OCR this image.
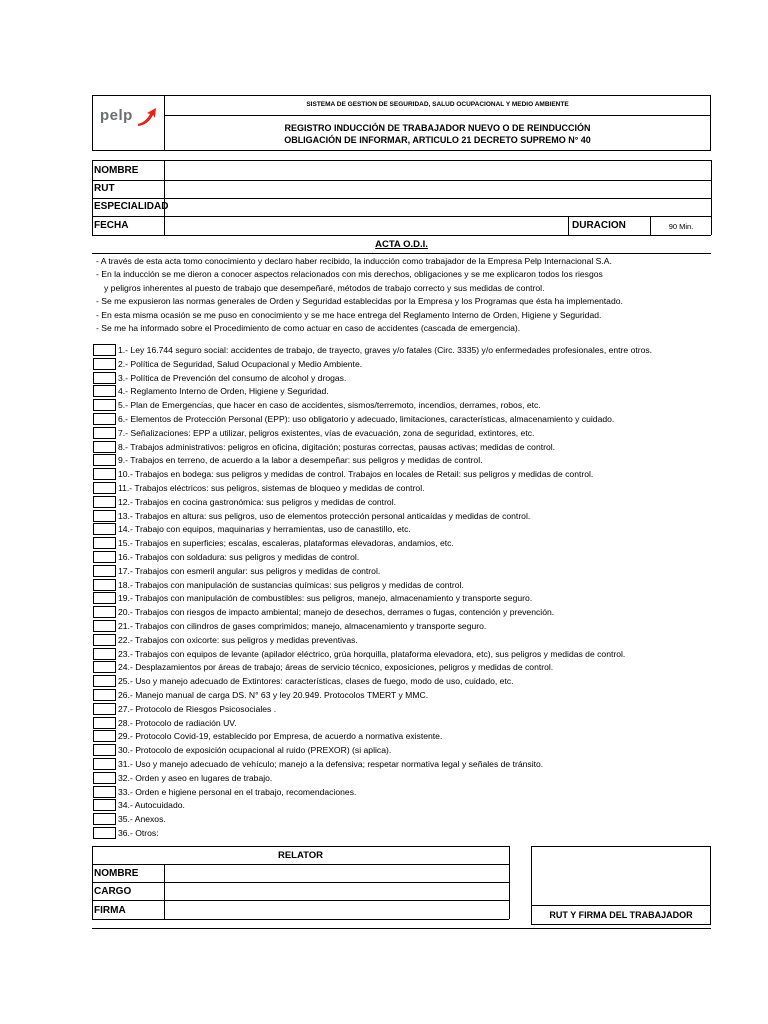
pelp
SISTEMA DE GESTION DE SEGURIDAD, SALUD OCUPACIONAL Y MEDIO AMBIENTE
REGISTRO INDUCCIÓN DE TRABAJADOR NUEVO O DE REINDUCCIÓN
OBLIGACIÓN DE INFORMAR, ARTICULO 21 DECRETO SUPREMO N° 40
NOMBRE
RUT
ESPECIALIDAD
FECHA	DURACION	90 Min.
ACTA O.D.I.
- A través de esta acta tomo conocimiento y declaro haber recibido, la inducción como trabajador de la Empresa Pelp Internacional S.A.
- En la inducción se me dieron a conocer aspectos relacionados con mis derechos, obligaciones y se me explicaron todos los riesgos
y peligros inherentes al puesto de trabajo que desempeñaré, métodos de trabajo correcto y sus medidas de control.
- Se me expusieron las normas generales de Orden y Seguridad establecidas por la Empresa y los Programas que ésta ha implementado.
- En esta misma ocasión se me puso en conocimiento y se me hace entrega del Reglamento Interno de Orden, Higiene y Seguridad.
- Se me ha informado sobre el Procedimiento de como actuar en caso de accidentes (cascada de emergencia).
1.- Ley 16.744 seguro social: accidentes de trabajo, de trayecto, graves y/o fatales (Circ. 3335) y/o enfermedades profesionales, entre otros.
2.- Política de Seguridad, Salud Ocupacional y Medio Ambiente.
3.- Política de Prevención del consumo de alcohol y drogas.
4.- Reglamento Interno de Orden, Higiene y Seguridad.
5.- Plan de Emergencias, que hacer en caso de accidentes, sismos/terremoto, incendios, derrames, robos, etc.
6.- Elementos de Protección Personal (EPP): uso obligatorio y adecuado, limitaciones, características, almacenamiento y cuidado.
7.- Señalizaciones: EPP a utilizar, peligros existentes, vías de evacuación, zona de seguridad, extintores, etc.
8.- Trabajos administrativos: peligros en oficina, digitación; posturas correctas, pausas activas; medidas de control.
9.- Trabajos en terreno, de acuerdo a la labor a desempeñar: sus peligros y medidas de control.
10.- Trabajos en bodega: sus peligros y medidas de control. Trabajos en locales de Retail: sus peligros y medidas de control.
11.- Trabajos eléctricos: sus peligros, sistemas de bloqueo y medidas de control.
12.- Trabajos en cocina gastronómica: sus peligros y medidas de control.
13.- Trabajos en altura: sus peligros, uso de elementos protección personal anticaídas y medidas de control.
14.- Trabajo con equipos, maquinarias y herramientas, uso de canastillo, etc.
15.- Trabajos en superficies; escalas, escaleras, plataformas elevadoras, andamios, etc.
16.- Trabajos con soldadura: sus peligros y medidas de control.
17.- Trabajos con esmeril angular: sus peligros y medidas de control.
18.- Trabajos con manipulación de sustancias químicas: sus peligros y medidas de control.
19.- Trabajos con manipulación de combustibles: sus peligros, manejo, almacenamiento y transporte seguro.
20.- Trabajos con riesgos de impacto ambiental; manejo de desechos, derrames o fugas, contención y prevención.
21.- Trabajos con cilindros de gases comprimidos; manejo, almacenamiento y transporte seguro.
22.- Trabajos con oxicorte: sus peligros y medidas preventivas.
23.- Trabajos con equipos de levante (apilador eléctrico, grúa horquilla, plataforma elevadora, etc), sus peligros y medidas de control.
24.- Desplazamientos por áreas de trabajo; áreas de servicio técnico, exposiciones, peligros y medidas de control.
25.- Uso y manejo adecuado de Extintores: características, clases de fuego, modo de uso, cuidado, etc.
26.- Manejo manual de carga DS. N° 63 y ley 20.949. Protocolos TMERT y MMC.
27.- Protocolo de Riesgos Psicosociales .
28.- Protocolo de radiación UV.
29.- Protocolo Covid-19, establecido por Empresa, de acuerdo a normativa existente.
30.- Protocolo de exposición ocupacional al ruido (PREXOR) (si aplica).
31.- Uso y manejo adecuado de vehículo; manejo a la defensiva; respetar normativa legal y señales de tránsito.
32.- Orden y aseo en lugares de trabajo.
33.- Orden e higiene personal en el trabajo, recomendaciones.
34.- Autocuidado.
35.- Anexos.
36.- Otros:
RELATOR
NOMBRE
CARGO
FIRMA	RUT Y FIRMA DEL TRABAJADOR
